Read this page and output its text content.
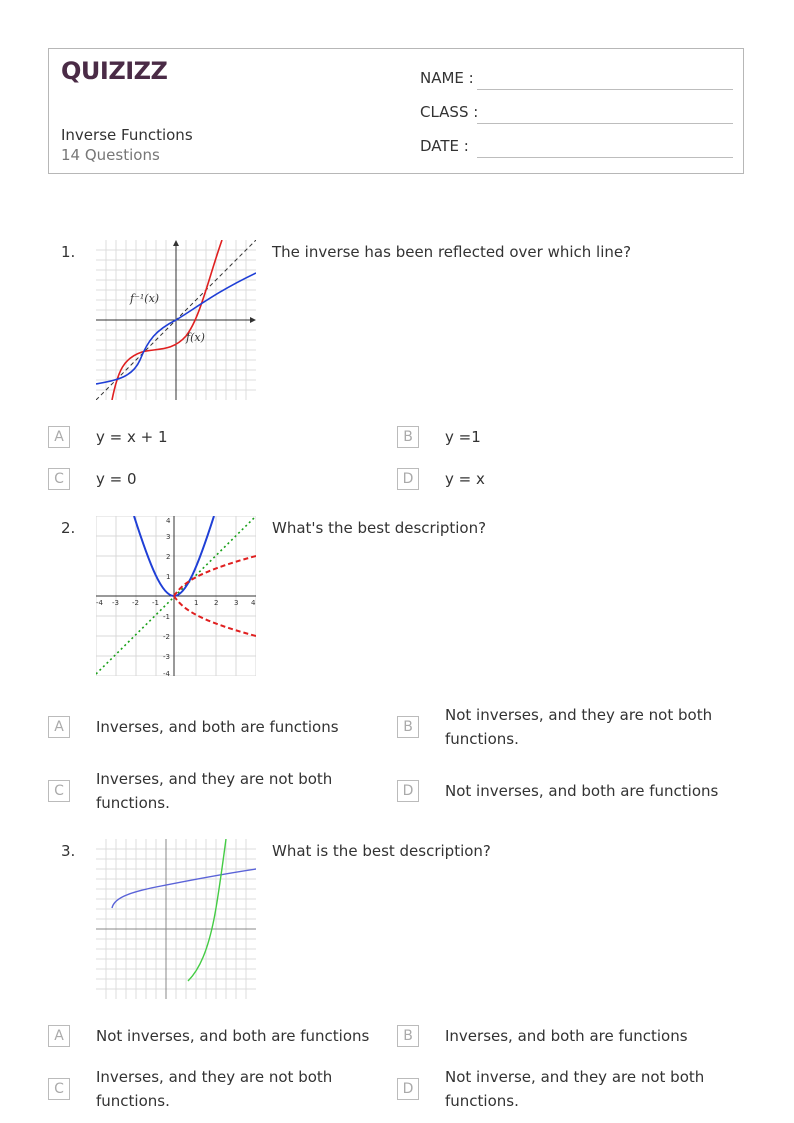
QUIZIZZ
Inverse Functions
14 Questions
NAME :
CLASS :
DATE :
1.
f⁻¹(x)
f(x)
The inverse has been reflected over which line?
A	y = x + 1	B	y =1
C	y = 0	D	y = x
2.
-4 -3 -2 -1	1 2 3 4
4
3
2
1
-1
-2
-3
-4
What's the best description?
A	Inverses, and both are functions	B
Not inverses, and they are not both functions.
C
Inverses, and they are not both functions.
D	Not inverses, and both are functions
3.	What is the best description?
A	Not inverses, and both are functions	B	Inverses, and both are functions
C
Inverses, and they are not both functions.
D
Not inverse, and they are not both functions.
